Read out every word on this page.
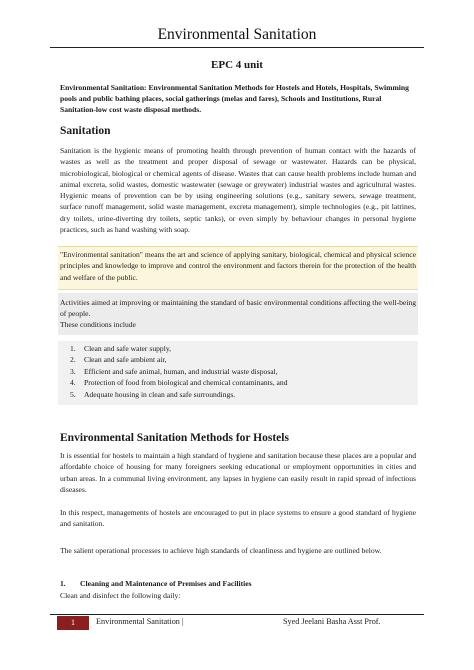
Environmental Sanitation
EPC 4 unit
Environmental Sanitation: Environmental Sanitation Methods for Hostels and Hotels, Hospitals, Swimming pools and public bathing places, social gatherings (melas and fares), Schools and Institutions, Rural Sanitation-low cost waste disposal methods.
Sanitation

Sanitation is the hygienic means of promoting health through prevention of human contact with the hazards of wastes as well as the treatment and proper disposal of sewage or wastewater. Hazards can be physical, microbiological, biological or chemical agents of disease. Wastes that can cause health problems include human and animal excreta, solid wastes, domestic wastewater (sewage or greywater) industrial wastes and agricultural wastes. Hygienic means of prevention can be by using engineering solutions (e.g., sanitary sewers, sewage treatment, surface runoff management, solid waste management, excreta management), simple technologies (e.g., pit latrines, dry toilets, urine-diverting dry toilets, septic tanks), or even simply by behaviour changes in personal hygiene practices, such as hand washing with soap.

"Environmental sanitation" means the art and science of applying sanitary, biological, chemical and physical science principles and knowledge to improve and control the environment and factors therein for the protection of the health and welfare of the public.

Activities aimed at improving or maintaining the standard of basic environmental conditions affecting the well-being of people.

These conditions include

1. Clean and safe water supply,
2. Clean and safe ambient air,
3. Efficient and safe animal, human, and industrial waste disposal,
4. Protection of food from biological and chemical contaminants, and
5. Adequate housing in clean and safe surroundings.
Environmental Sanitation Methods for Hostels

It is essential for hostels to maintain a high standard of hygiene and sanitation because these places are a popular and affordable choice of housing for many foreigners seeking educational or employment opportunities in cities and urban areas. In a communal living environment, any lapses in hygiene can easily result in rapid spread of infectious diseases.

In this respect, managements of hostels are encouraged to put in place systems to ensure a good standard of hygiene and sanitation.

The salient operational processes to achieve high standards of cleanliness and hygiene are outlined below.

1. Cleaning and Maintenance of Premises and Facilities

Clean and disinfect the following daily:

1	Environmental Sanitation |	Syed Jeelani Basha Asst Prof.
